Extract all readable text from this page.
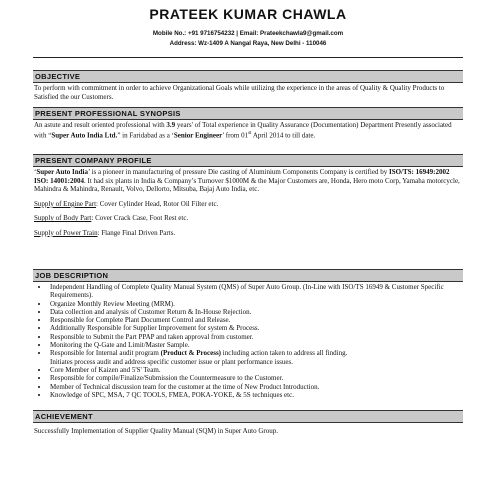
PRATEEK KUMAR CHAWLA
Mobile No.: +91 9716754232 | Email: Prateekchawla9@gmail.com
Address: Wz-1409 A Nangal Raya, New Delhi - 110046
OBJECTIVE
To perform with commitment in order to achieve Organizational Goals while utilizing the experience in the areas of Quality & Quality Products to Satisfied the our Customers.
PRESENT PROFESSIONAL SYNOPSIS
An astute and result oriented professional with 3.9 years' of Total experience in Quality Assurance (Documentation) Department Presently associated with “Super Auto India Ltd.” in Faridabad as a ‘Senior Engineer’ from 01st April 2014 to till date.
PRESENT COMPANY PROFILE

‘Super Auto India’ is a pioneer in manufacturing of pressure Die casting of Aluminium Components Company is certified by ISO/TS: 16949:2002 ISO: 14001:2004. It had six plants in India & Company’s Turnover $1000M & the Major Customers are, Honda, Hero moto Corp, Yamaha motorcycle, Mahindra & Mahindra, Renault, Volvo, Dellorto, Mitsuba, Bajaj Auto India, etc.

Supply of Engine Part: Cover Cylinder Head, Rotor Oil Filter etc.

Supply of Body Part: Cover Crack Case, Foot Rest etc.

Supply of Power Train: Flange Final Driven Parts.

JOB DESCRIPTION
• Independent Handling of Complete Quality Manual System (QMS) of Super Auto Group. (In-Line with ISO/TS 16949 & Customer Specific Requirements).
• Organize Monthly Review Meeting (MRM).
• Data collection and analysis of Customer Return & In-House Rejection.
• Responsible for Complete Plant Document Control and Release.
• Additionally Responsible for Supplier Improvement for system & Process.
• Responsible to Submit the Part PPAP and taken approval from customer.
• Monitoring the Q-Gate and Limit/Master Sample.
• Responsible for Internal audit program (Product & Process) including action taken to address all finding.
Initiates process audit and address specific customer issue or plant performance issues.
• Core Member of Kaizen and 5'S' Team.
• Responsible for compile/Finalize/Submission the Countermeasure to the Customer.
• Member of Technical discussion team for the customer at the time of New Product Introduction.
• Knowledge of SPC, MSA, 7 QC TOOLS, FMEA, POKA-YOKE, & 5S techniques etc.
ACHIEVEMENT
Successfully Implementation of Supplier Quality Manual (SQM) in Super Auto Group.
